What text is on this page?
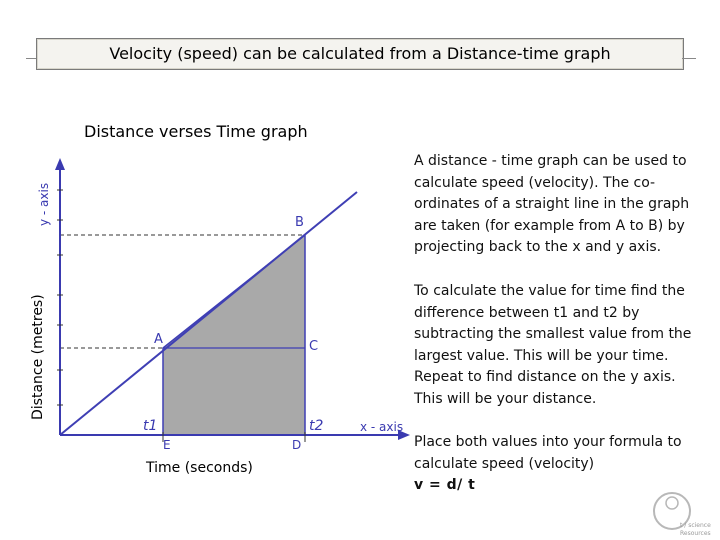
Velocity (speed) can be calculated from a Distance-time graph
Distance verses Time graph
Distance (metres)
Time (seconds)
y - axis
x - axis
A
B
C
D
E
t1	t2
A distance - time graph can be used to calculate speed (velocity). The co-ordinates of a straight line in the graph are taken (for example from A to B) by projecting back to the x and y axis.
To calculate the value for time find the difference between t1 and t2 by subtracting the smallest value from the largest value. This will be your time. Repeat to find distance on the y axis. This will be your distance.
Place both values into your formula to calculate speed (velocity)
v = d/ t
t / science
Resources
